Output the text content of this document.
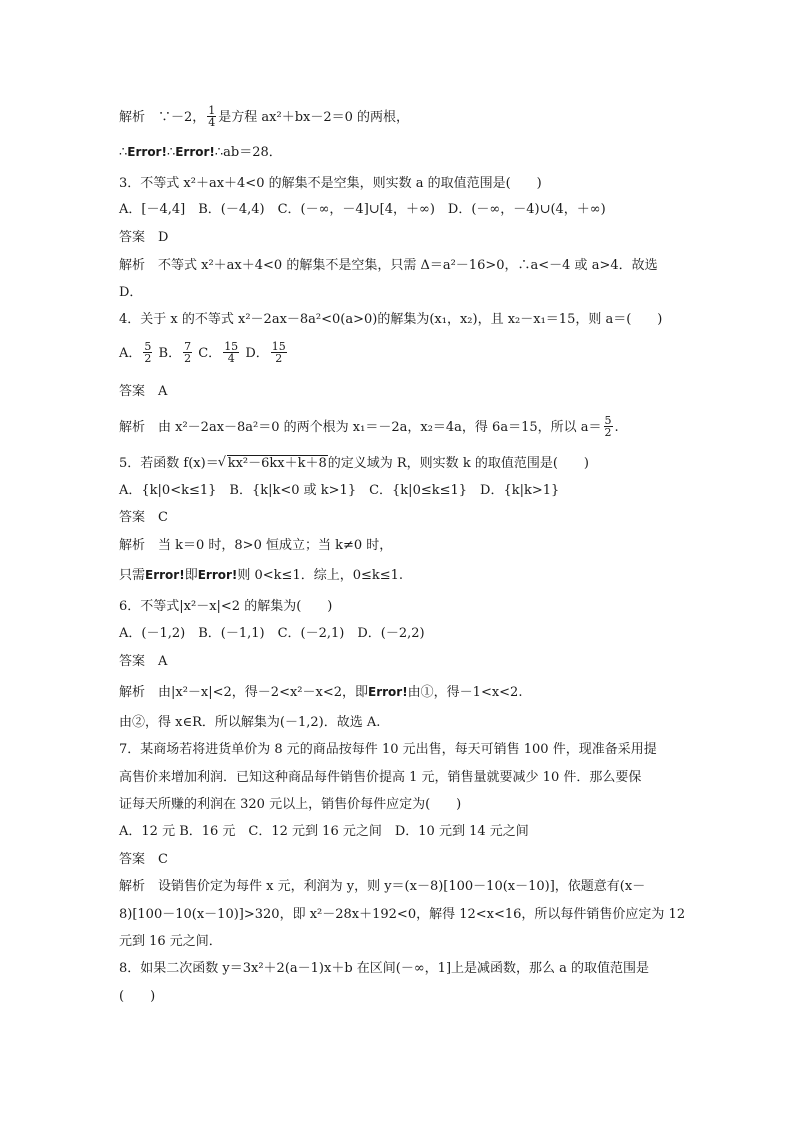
解析　∵－2， $\frac{1}{4}$ 是方程 ax²＋bx－2＝0 的两根，
∴Error!∴Error!∴ab＝28．
3．不等式 x²＋ax＋4<0 的解集不是空集，则实数 a 的取值范围是(　　)
A．[－4,4]　B．(－4,4)　C．(－∞，－4]∪[4，＋∞)　D．(－∞，－4)∪(4，＋∞)
答案　D
解析　不等式 x²＋ax＋4<0 的解集不是空集，只需 Δ＝a²－16>0，∴a<－4 或 a>4．故选
D．
4．关于 x 的不等式 x²－2ax－8a²<0(a>0)的解集为(x₁，x₂)，且 x₂－x₁＝15，则 a＝(　　)
A． $\frac{5}{2}$ B． $\frac{7}{2}$ C． $\frac{15}{4}$ D． $\frac{15}{2}$
答案　A
解析　由 x²－2ax－8a²＝0 的两个根为 x₁＝－2a，x₂＝4a，得 6a＝15，所以 $a= \frac{5}{2}$ .
5．若函数 f(x)＝√ kx²－6kx＋k＋8的定义域为 R，则实数 k 的取值范围是(　　)
A．{k|0<k≤1}　B．{k|k<0 或 k>1}　C．{k|0≤k≤1}　D．{k|k>1}
答案　C
解析　当 k＝0 时，8>0 恒成立；当 k≠0 时，
只需Error!即Error!则 0<k≤1．综上，0≤k≤1.
6．不等式|x²－x|<2 的解集为(　　)
A．(－1,2)　B．(－1,1)　C．(－2,1)　D．(－2,2)
答案　A
解析　由|x²－x|<2，得－2<x²－x<2，即Error!由①，得－1<x<2.
由②，得 x∈R．所以解集为(－1,2)．故选 A.
7．某商场若将进货单价为 8 元的商品按每件 10 元出售，每天可销售 100 件，现准备采用提
高售价来增加利润．已知这种商品每件销售价提高 1 元，销售量就要减少 10 件．那么要保
证每天所赚的利润在 320 元以上，销售价每件应定为(　　)
A．12 元 B．16 元　C．12 元到 16 元之间　D．10 元到 14 元之间
答案　C
解析　设销售价定为每件 x 元，利润为 y，则 y＝(x－8)[100－10(x－10)]，依题意有(x－
8)[100－10(x－10)]>320，即 x²－28x＋192<0，解得 12<x<16，所以每件销售价应定为 12
元到 16 元之间．
8．如果二次函数 y＝3x²＋2(a－1)x＋b 在区间(－∞，1]上是减函数，那么 a 的取值范围是
(　　)
